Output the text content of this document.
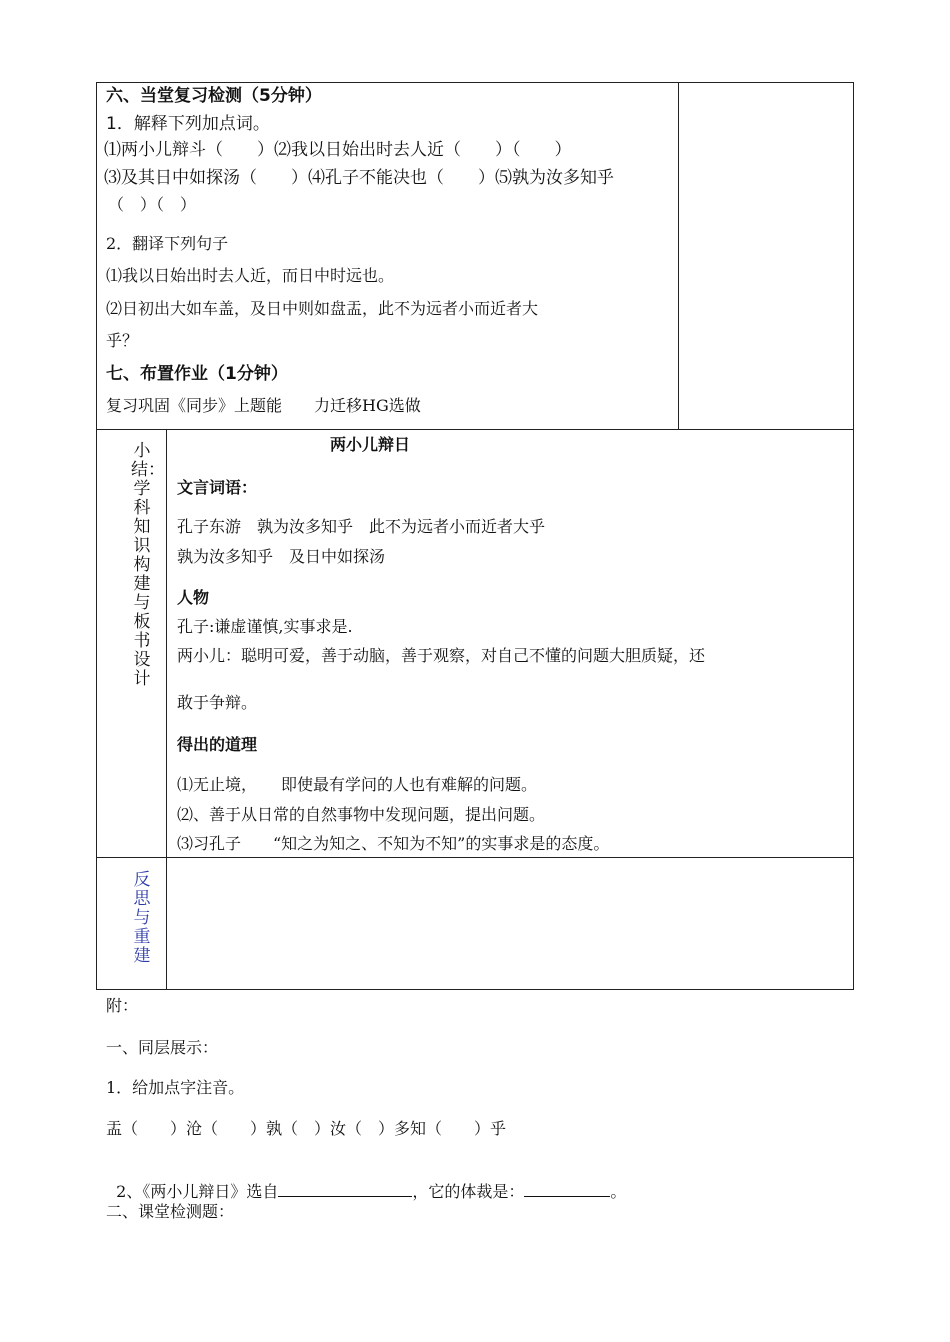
六、当堂复习检测（5分钟）
1．解释下列加点词。
⑴两小儿辩斗（　　）⑵我以日始出时去人近（　　）（　　）
⑶及其日中如探汤（　　）⑷孔子不能决也（　　）⑸孰为汝多知乎
（　）（　）
2．翻译下列句子
⑴我以日始出时去人近，而日中时远也。
⑵日初出大如车盖，及日中则如盘盂，此不为远者小而近者大
乎？
七、布置作业（1分钟）
复习巩固《同步》上题能　　力迁移HG选做
小结：学科知识构建与板书设计
两小儿辩日
文言词语：
孔子东游　孰为汝多知乎　此不为远者小而近者大乎
孰为汝多知乎　及日中如探汤
人物
孔子:谦虚谨慎,实事求是.
两小儿：聪明可爱，善于动脑，善于观察，对自己不懂的问题大胆质疑，还
敢于争辩。
得出的道理
⑴无止境，　　即使最有学问的人也有难解的问题。
⑵、善于从日常的自然事物中发现问题，提出问题。
⑶习孔子　　“知之为知之、不知为不知”的实事求是的态度。
反思与重建
附：
一、同层展示：
1．给加点字注音。
盂（　　）沧（　　）孰（　）汝（　）多知（　　）乎

2、《两小儿辩日》选自	，它的体裁是：	。

二、课堂检测题：
